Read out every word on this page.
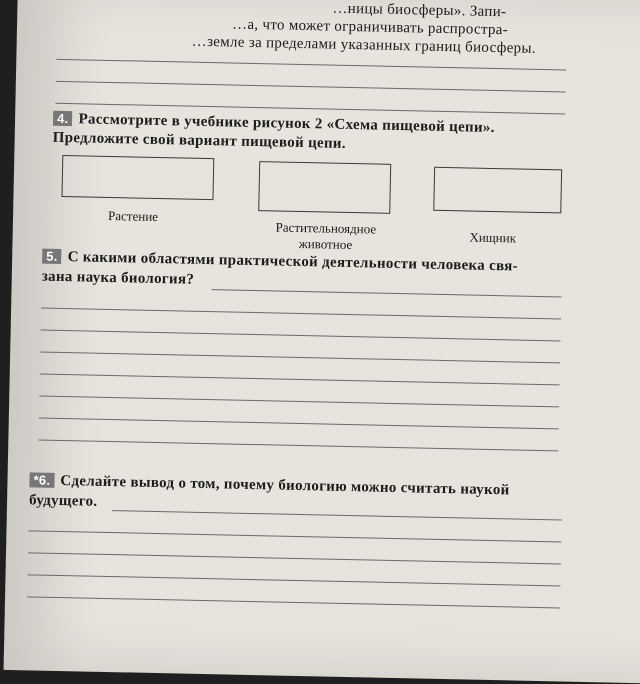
…ницы биосферы». Запи-
…а, что может ограничивать распростра-
…земле за пределами указанных границ биосферы.
4. Рассмотрите в учебнике рисунок 2 «Схема пищевой цепи».
Предложите свой вариант пищевой цепи.
Растение
Растительноядное
животное	Хищник
5. С какими областями практической деятельности человека свя-
зана наука биология?
*6. Сделайте вывод о том, почему биологию можно считать наукой
будущего.
